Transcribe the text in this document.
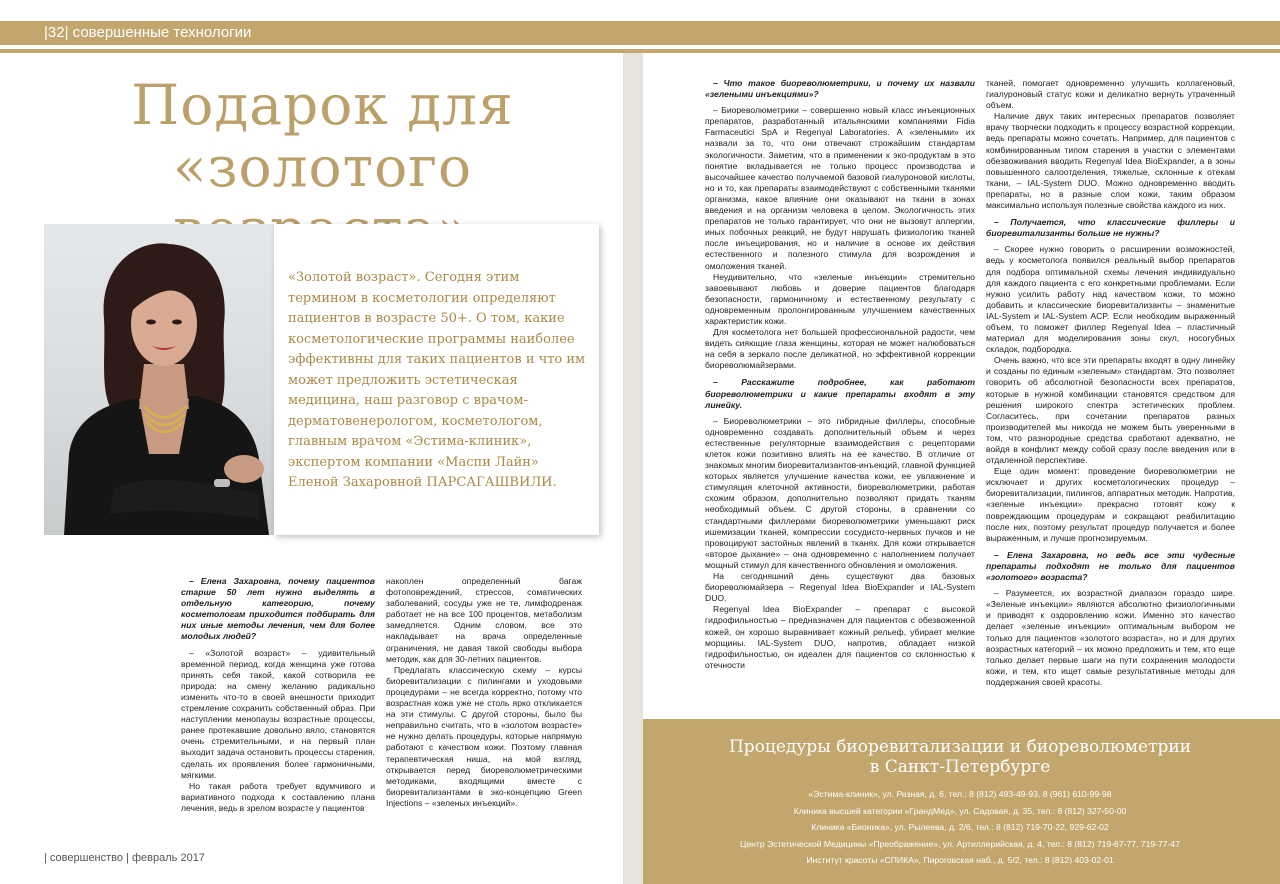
|32| совершенные технологии
Подарок для
«золотого
«Золотой возраст». Сегодня этим термином в косметологии определяют пациентов в возрасте 50+. О том, какие косметологические программы наиболее эффективны для таких пациентов и что им может предложить эстетическая медицина, наш разговор с врачом-дерматовенерологом, косметологом, главным врачом «Эстима-клиник», экспертом компании «Маспи Лайн» Еленой Захаровной ПАРСАГАШВИЛИ.

– Елена Захаровна, почему пациентов старше 50 лет нужно выделять в отдельную категорию, почему косметологам приходится подбирать для них иные методы лечения, чем для более молодых людей?

– «Золотой возраст» – удивительный временной период, когда женщина уже готова принять себя такой, какой сотворила ее природа: на смену желанию радикально изменить что-то в своей внешности приходит стремление сохранить собственный образ. При наступлении менопаузы возрастные процессы, ранее протекавшие довольно вяло, становятся очень стремительными, и на первый план выходит задача остановить процессы старения, сделать их проявления более гармоничными, мягкими.

Но такая работа требует вдумчивого и вариативного подхода к составлению плана лечения, ведь в зрелом возрасте у пациентов

накоплен определенный багаж фотоповреждений, стрессов, соматических заболеваний, сосуды уже не те, лимфодренаж работает не на все 100 процентов, метаболизм замедляется. Одним словом, все это накладывает на врача определенные ограничения, не давая такой свободы выбора методик, как для 30-летних пациентов.

Предлагать классическую схему – курсы биоревитализации с пилингами и уходовыми процедурами – не всегда корректно, потому что возрастная кожа уже не столь ярко откликается на эти стимулы. С другой стороны, было бы неправильно считать, что в «золотом возрасте» не нужно делать процедуры, которые напрямую работают с качеством кожи. Поэтому главная терапевтическая ниша, на мой взгляд, открывается перед биореволюметрическими методиками, входящими вместе с биоревитализантами в эко-концепцию Green Injections – «зеленых инъекций».

– Что такое биореволюметрики, и почему их назвали «зелеными инъекциями»?

– Биореволюметрики – совершенно новый класс инъекционных препаратов, разработанный итальянскими компаниями Fidia Farmaceutici SpA и Regenyal Laboratories. А «зелеными» их назвали за то, что они отвечают строжайшим стандартам экологичности. Заметим, что в применении к эко-продуктам в это понятие вкладывается не только процесс производства и высочайшее качество получаемой базовой гиалуроновой кислоты, но и то, как препараты взаимодействуют с собственными тканями организма, какое влияние они оказывают на ткани в зонах введения и на организм человека в целом. Экологичность этих препаратов не только гарантирует, что они не вызовут аллергии, иных побочных реакций, не будут нарушать физиологию тканей после инъецирования, но и наличие в основе их действия естественного и полезного стимула для возрождения и омоложения тканей.

Неудивительно, что «зеленые инъекции» стремительно завоевывают любовь и доверие пациентов благодаря безопасности, гармоничному и естественному результату с одновременным пролонгированным улучшением качественных характеристик кожи.

Для косметолога нет большей профессиональной радости, чем видеть сияющие глаза женщины, которая не может налюбоваться на себя в зеркало после деликатной, но эффективной коррекции биореволюмайзерами.

– Расскажите подробнее, как работают биореволюметрики и какие препараты входят в эту линейку.

– Биореволюметрики – это гибридные филлеры, способные одновременно создавать дополнительный объем и через естественные регуляторные взаимодействия с рецепторами клеток кожи позитивно влиять на ее качество. В отличие от знакомых многим биоревитализантов-инъекций, главной функцией которых является улучшение качества кожи, ее увлажнение и стимуляция клеточной активности, биореволюметрики, работая схожим образом, дополнительно позволяют придать тканям необходимый объем. С другой стороны, в сравнении со стандартными филлерами биореволюметрики уменьшают риск ишемизации тканей, компрессии сосудисто-нервных пучков и не провоцируют застойных явлений в тканях. Для кожи открывается «второе дыхание» – она одновременно с наполнением получает мощный стимул для качественного обновления и омоложения.

На сегодняшний день существуют два базовых биореволюмайзера – Regenyal Idea BioExpander и IAL-System DUO.

Regenyal Idea BioExpander – препарат с высокой гидрофильностью – предназначен для пациентов с обезвоженной кожей, он хорошо выравнивает кожный рельеф, убирает мелкие морщины. IAL-System DUO, напротив, обладает низкой гидрофильностью, он идеален для пациентов со склонностью к отечности

тканей, помогает одновременно улучшить коллагеновый, гиалуроновый статус кожи и деликатно вернуть утраченный объем.

Наличие двух таких интересных препаратов позволяет врачу творчески подходить к процессу возрастной коррекции, ведь препараты можно сочетать. Например, для пациентов с комбинированным типом старения в участки с элементами обезвоживания вводить Regenyal Idea BioExpander, а в зоны повышенного салоотделения, тяжелые, склонные к отекам ткани, – IAL-System DUO. Можно одновременно вводить препараты, но в разные слои кожи, таким образом максимально используя полезные свойства каждого из них.

– Получается, что классические филлеры и биоревитализанты больше не нужны?

– Скорее нужно говорить о расширении возможностей, ведь у косметолога появился реальный выбор препаратов для подбора оптимальной схемы лечения индивидуально для каждого пациента с его конкретными проблемами. Если нужно усилить работу над качеством кожи, то можно добавить и классические биоревитализанты – знаменитые IAL-System и IAL-System ACP. Если необходим выраженный объем, то поможет филлер Regenyal Idea – пластичный материал для моделирования зоны скул, носогубных складок, подбородка.

Очень важно, что все эти препараты входят в одну линейку и созданы по единым «зеленым» стандартам. Это позволяет говорить об абсолютной безопасности всех препаратов, которые в нужной комбинации становятся средством для решения широкого спектра эстетических проблем. Согласитесь, при сочетании препаратов разных производителей мы никогда не можем быть уверенными в том, что разнородные средства сработают адекватно, не войдя в конфликт между собой сразу после введения или в отдаленной перспективе.

Еще один момент: проведение биореволюметрии не исключает и других косметологических процедур – биоревитализации, пилингов, аппаратных методик. Напротив, «зеленые инъекции» прекрасно готовят кожу к повреждающим процедурам и сокращают реабилитацию после них, поэтому результат процедур получается и более выраженным, и лучше прогнозируемым.

– Елена Захаровна, но ведь все эти чудесные препараты подходят не только для пациентов «золотого» возраста?

– Разумеется, их возрастной диапазон гораздо шире. «Зеленые инъекции» являются абсолютно физиологичными и приводят к оздоровлению кожи. Именно это качество делает «зеленые инъекции» оптимальным выбором не только для пациентов «золотого возраста», но и для других возрастных категорий – их можно предложить и тем, кто еще только делает первые шаги на пути сохранения молодости кожи, и тем, кто ищет самые результативные методы для поддержания своей красоты.

Процедуры биоревитализации и биореволюметрии
в Санкт-Петербурге
«Эстима-клиник», ул. Резная, д. 6, тел.: 8 (812) 493-49-93, 8 (961) 610-99-98
Клиника высшей категории «ГрандМед», ул. Садовая, д. 35, тел.: 8 (812) 327-50-00
Клиника «Бионика», ул. Рылеева, д. 2/6, тел.: 8 (812) 719-70-22, 929-62-02
Центр Эстетической Медицины «Преображение», ул. Артиллерийская, д. 4, тел.: 8 (812) 719-67-77, 719-77-47
Институт красоты «СПИКА», Пироговская наб., д. 5/2, тел.: 8 (812) 403-02-01
| совершенство | февраль 2017
